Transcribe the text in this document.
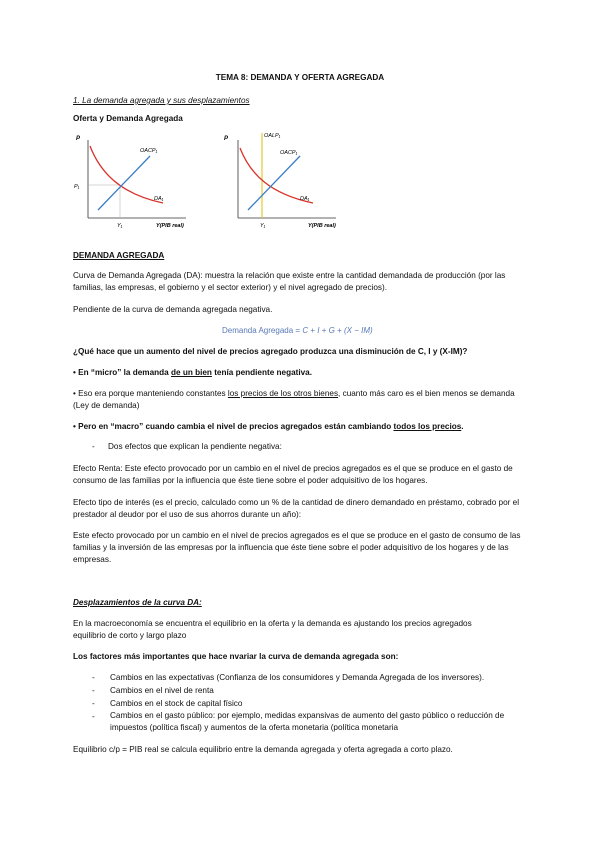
TEMA 8: DEMANDA Y OFERTA AGREGADA
1. La demanda agregada y sus desplazamientos
Oferta y Demanda Agregada
P
P₁
Y₁
OACP₁
DA₁
Y(PIB real)
P	OALP₁
OACP₁
DA₁
Y₁	Y(PIB real)
DEMANDA AGREGADA
Curva de Demanda Agregada (DA): muestra la relación que existe entre la cantidad demandada de producción (por las familias, las empresas, el gobierno y el sector exterior) y el nivel agregado de precios).
Pendiente de la curva de demanda agregada negativa.
Demanda Agregada = C + I + G + (X − IM)
¿Qué hace que un aumento del nivel de precios agregado produzca una disminución de C, I y (X-IM)?
• En “micro” la demanda de un bien tenía pendiente negativa.
• Eso era porque manteniendo constantes los precios de los otros bienes, cuanto más caro es el bien menos se demanda (Ley de demanda)
• Pero en “macro” cuando cambia el nivel de precios agregados están cambiando todos los precios.
- Dos efectos que explican la pendiente negativa:
Efecto Renta: Este efecto provocado por un cambio en el nivel de precios agregados es el que se produce en el gasto de consumo de las familias por la influencia que éste tiene sobre el poder adquisitivo de los hogares.
Efecto tipo de interés (es el precio, calculado como un % de la cantidad de dinero demandado en préstamo, cobrado por el prestador al deudor por el uso de sus ahorros durante un año):
Este efecto provocado por un cambio en el nivel de precios agregados es el que se produce en el gasto de consumo de las familias y la inversión de las empresas por la influencia que éste tiene sobre el poder adquisitivo de los hogares y de las empresas.
Desplazamientos de la curva DA:
En la macroeconomía se encuentra el equilibrio en la oferta y la demanda es ajustando los precios agregados equilibrio de corto y largo plazo
Los factores más importantes que hace nvariar la curva de demanda agregada son:
- Cambios en las expectativas (Confianza de los consumidores y Demanda Agregada de los inversores).
- Cambios en el nivel de renta
- Cambios en el stock de capital físico
- Cambios en el gasto público: por ejemplo, medidas expansivas de aumento del gasto público o reducción de impuestos (política fiscal) y aumentos de la oferta monetaria (política monetaria
Equilibrio c/p = PIB real se calcula equilibrio entre la demanda agregada y oferta agregada a corto plazo.
